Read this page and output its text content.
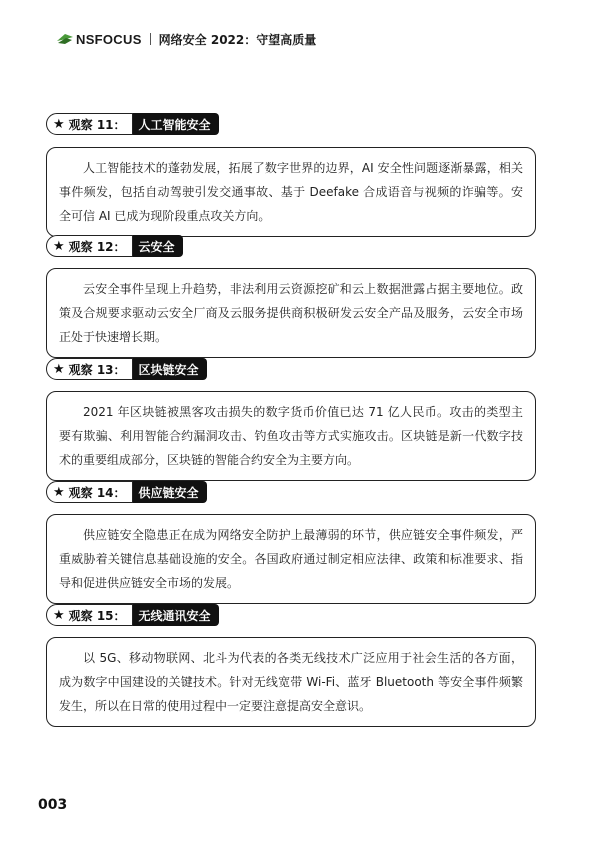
NSFOCUS 网络安全 2022：守望高质量
★ 观察 11：	人工智能安全
人工智能技术的蓬勃发展，拓展了数字世界的边界，AI 安全性问题逐渐暴露，相关事件频发，包括自动驾驶引发交通事故、基于 Deefake 合成语音与视频的诈骗等。安全可信 AI 已成为现阶段重点攻关方向。
★ 观察 12：	云安全
云安全事件呈现上升趋势，非法利用云资源挖矿和云上数据泄露占据主要地位。政策及合规要求驱动云安全厂商及云服务提供商积极研发云安全产品及服务，云安全市场正处于快速增长期。
★ 观察 13：	区块链安全
2021 年区块链被黑客攻击损失的数字货币价值已达 71 亿人民币。攻击的类型主要有欺骗、利用智能合约漏洞攻击、钓鱼攻击等方式实施攻击。区块链是新一代数字技术的重要组成部分，区块链的智能合约安全为主要方向。
★ 观察 14：	供应链安全
供应链安全隐患正在成为网络安全防护上最薄弱的环节，供应链安全事件频发，严重威胁着关键信息基础设施的安全。各国政府通过制定相应法律、政策和标准要求、指导和促进供应链安全市场的发展。
★ 观察 15：	无线通讯安全
以 5G、移动物联网、北斗为代表的各类无线技术广泛应用于社会生活的各方面，成为数字中国建设的关键技术。针对无线宽带 Wi-Fi、蓝牙 Bluetooth 等安全事件频繁发生，所以在日常的使用过程中一定要注意提高安全意识。
003
